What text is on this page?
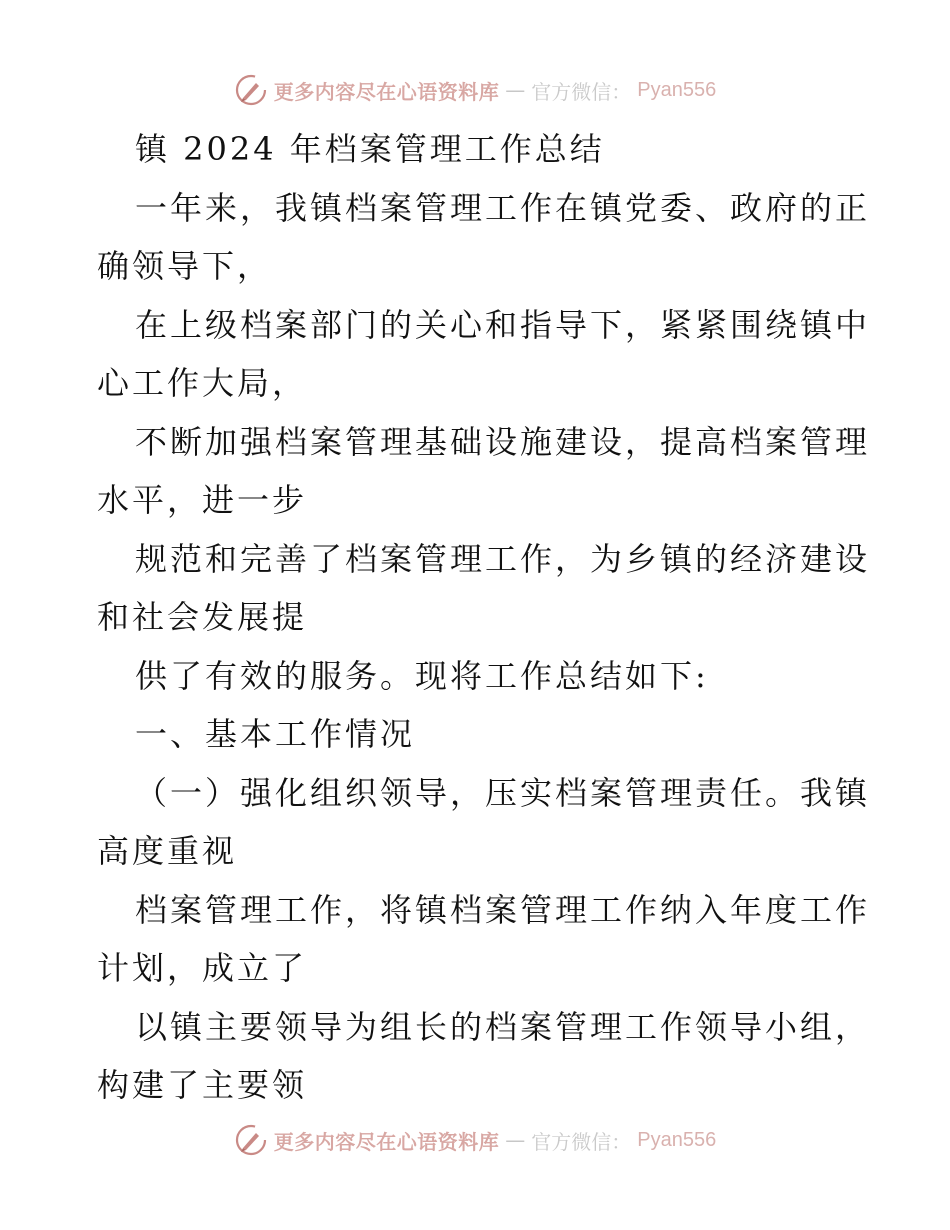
更多内容尽在心语资料库 — 官方微信： Pyan556
镇 2024 年档案管理工作总结
一年来，我镇档案管理工作在镇党委、政府的正
确领导下，
在上级档案部门的关心和指导下，紧紧围绕镇中
心工作大局，
不断加强档案管理基础设施建设，提高档案管理
水平，进一步
规范和完善了档案管理工作，为乡镇的经济建设
和社会发展提
供了有效的服务。现将工作总结如下:
一、基本工作情况
（一）强化组织领导，压实档案管理责任。我镇
高度重视
档案管理工作，将镇档案管理工作纳入年度工作
计划，成立了
以镇主要领导为组长的档案管理工作领导小组，
构建了主要领
更多内容尽在心语资料库 — 官方微信： Pyan556
